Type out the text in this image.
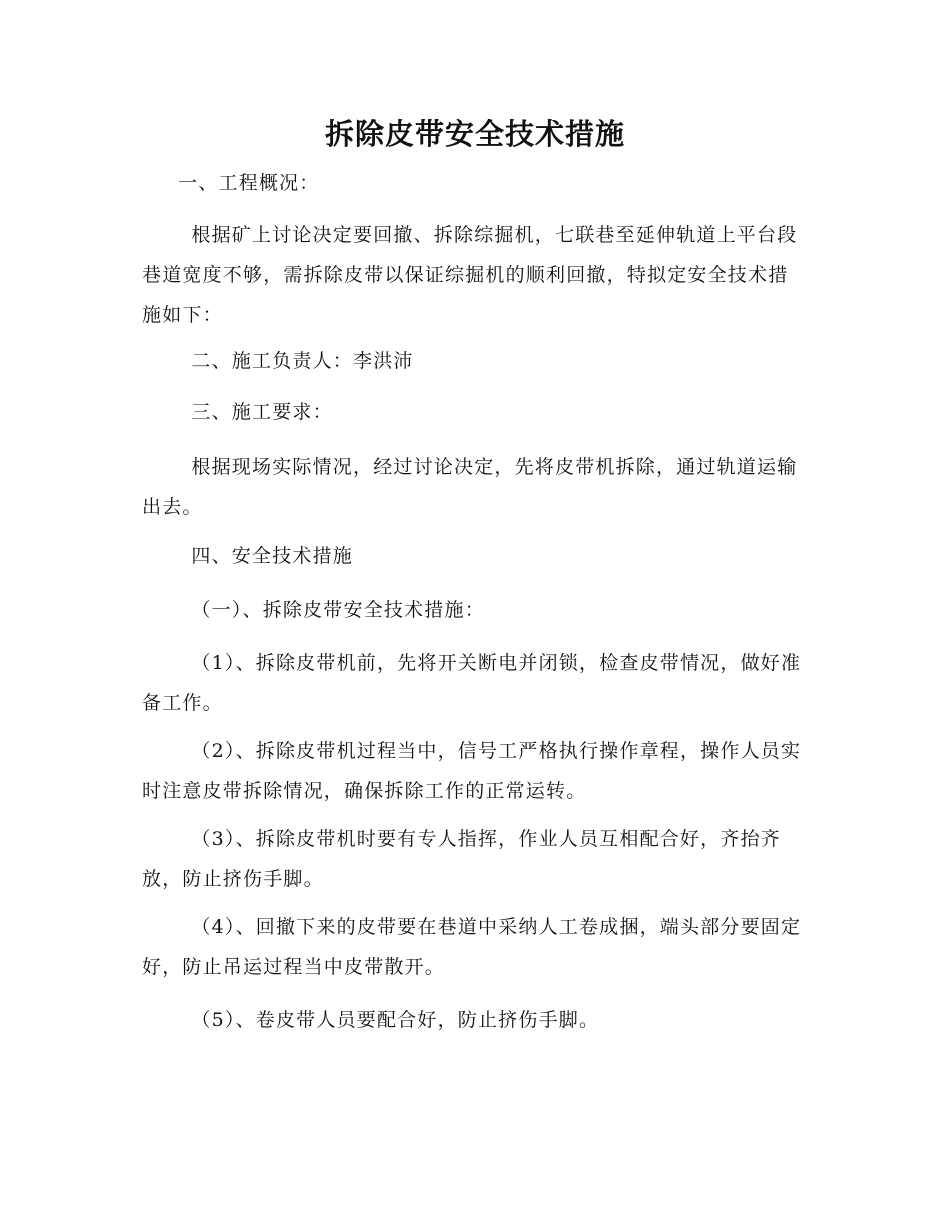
拆除皮带安全技术措施

一、工程概况：

根据矿上讨论决定要回撤、拆除综掘机，七联巷至延伸轨道上平台段巷道宽度不够，需拆除皮带以保证综掘机的顺利回撤，特拟定安全技术措施如下：

二、施工负责人：李洪沛

三、施工要求：

根据现场实际情况，经过讨论决定，先将皮带机拆除，通过轨道运输出去。

四、安全技术措施

（一）、拆除皮带安全技术措施：

（1）、拆除皮带机前，先将开关断电并闭锁，检查皮带情况，做好准备工作。

（2）、拆除皮带机过程当中，信号工严格执行操作章程，操作人员实时注意皮带拆除情况，确保拆除工作的正常运转。

（3）、拆除皮带机时要有专人指挥，作业人员互相配合好，齐抬齐放，防止挤伤手脚。

（4）、回撤下来的皮带要在巷道中采纳人工卷成捆，端头部分要固定好，防止吊运过程当中皮带散开。

（5）、卷皮带人员要配合好，防止挤伤手脚。
